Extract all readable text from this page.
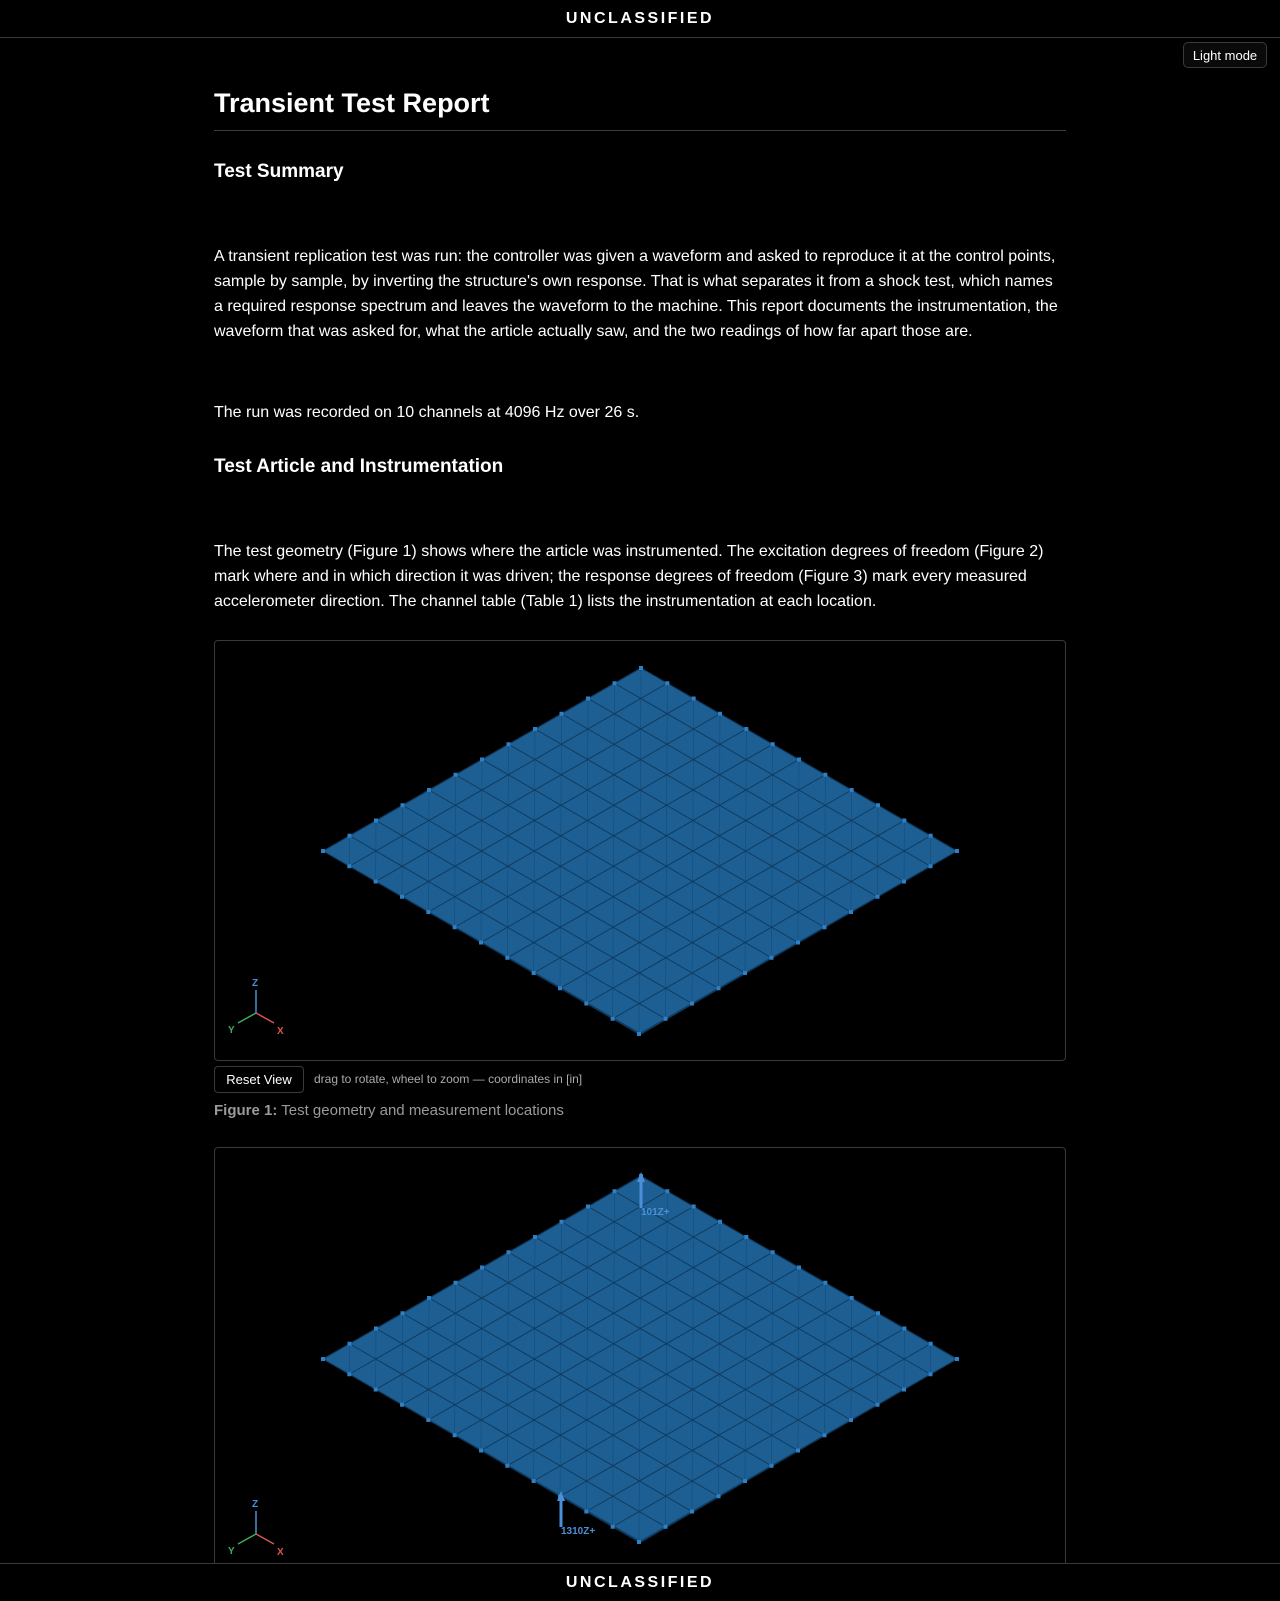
UNCLASSIFIED
Light mode
Transient Test Report
Test Summary

A transient replication test was run: the controller was given a waveform and asked to reproduce it at the control points, sample by sample, by inverting the structure's own response. That is what separates it from a shock test, which names a required response spectrum and leaves the waveform to the machine. This report documents the instrumentation, the waveform that was asked for, what the article actually saw, and the two readings of how far apart those are.

The run was recorded on 10 channels at 4096 Hz over 26 s.

Test Article and Instrumentation

The test geometry (Figure 1) shows where the article was instrumented. The excitation degrees of freedom (Figure 2) mark where and in which direction it was driven; the response degrees of freedom (Figure 3) mark every measured accelerometer direction. The channel table (Table 1) lists the instrumentation at each location.

Z
X
Y
Reset View	drag to rotate, wheel to zoom — coordinates in [in]
Figure 1: Test geometry and measurement locations
101Z+
1310Z+
Z
X
Y
UNCLASSIFIED
